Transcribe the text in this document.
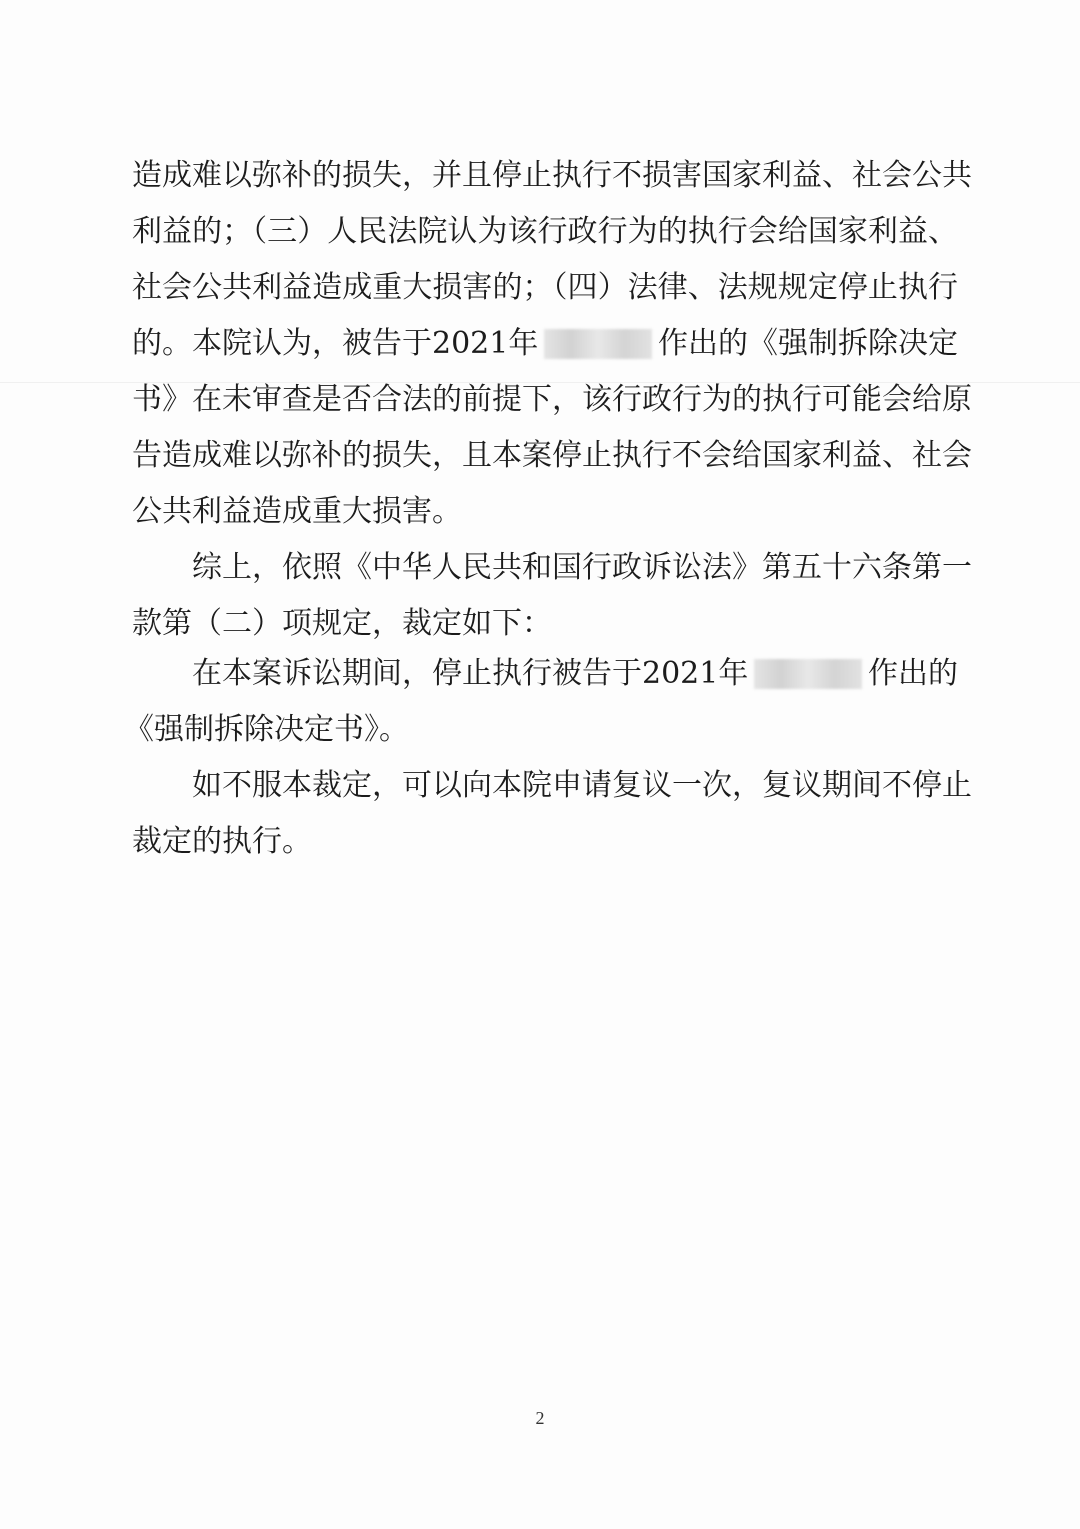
造成难以弥补的损失，并且停止执行不损害国家利益、社会公共
利益的；（三）人民法院认为该行政行为的执行会给国家利益、
社会公共利益造成重大损害的；（四）法律、法规规定停止执行
的。本院认为，被告于2021年	作出的《强制拆除决定
书》在未审查是否合法的前提下，该行政行为的执行可能会给原
告造成难以弥补的损失，且本案停止执行不会给国家利益、社会
公共利益造成重大损害。
综上，依照《中华人民共和国行政诉讼法》第五十六条第一
款第（二）项规定，裁定如下：
在本案诉讼期间，停止执行被告于2021年	作出的
《强制拆除决定书》。
如不服本裁定，可以向本院申请复议一次，复议期间不停止
裁定的执行。
2
